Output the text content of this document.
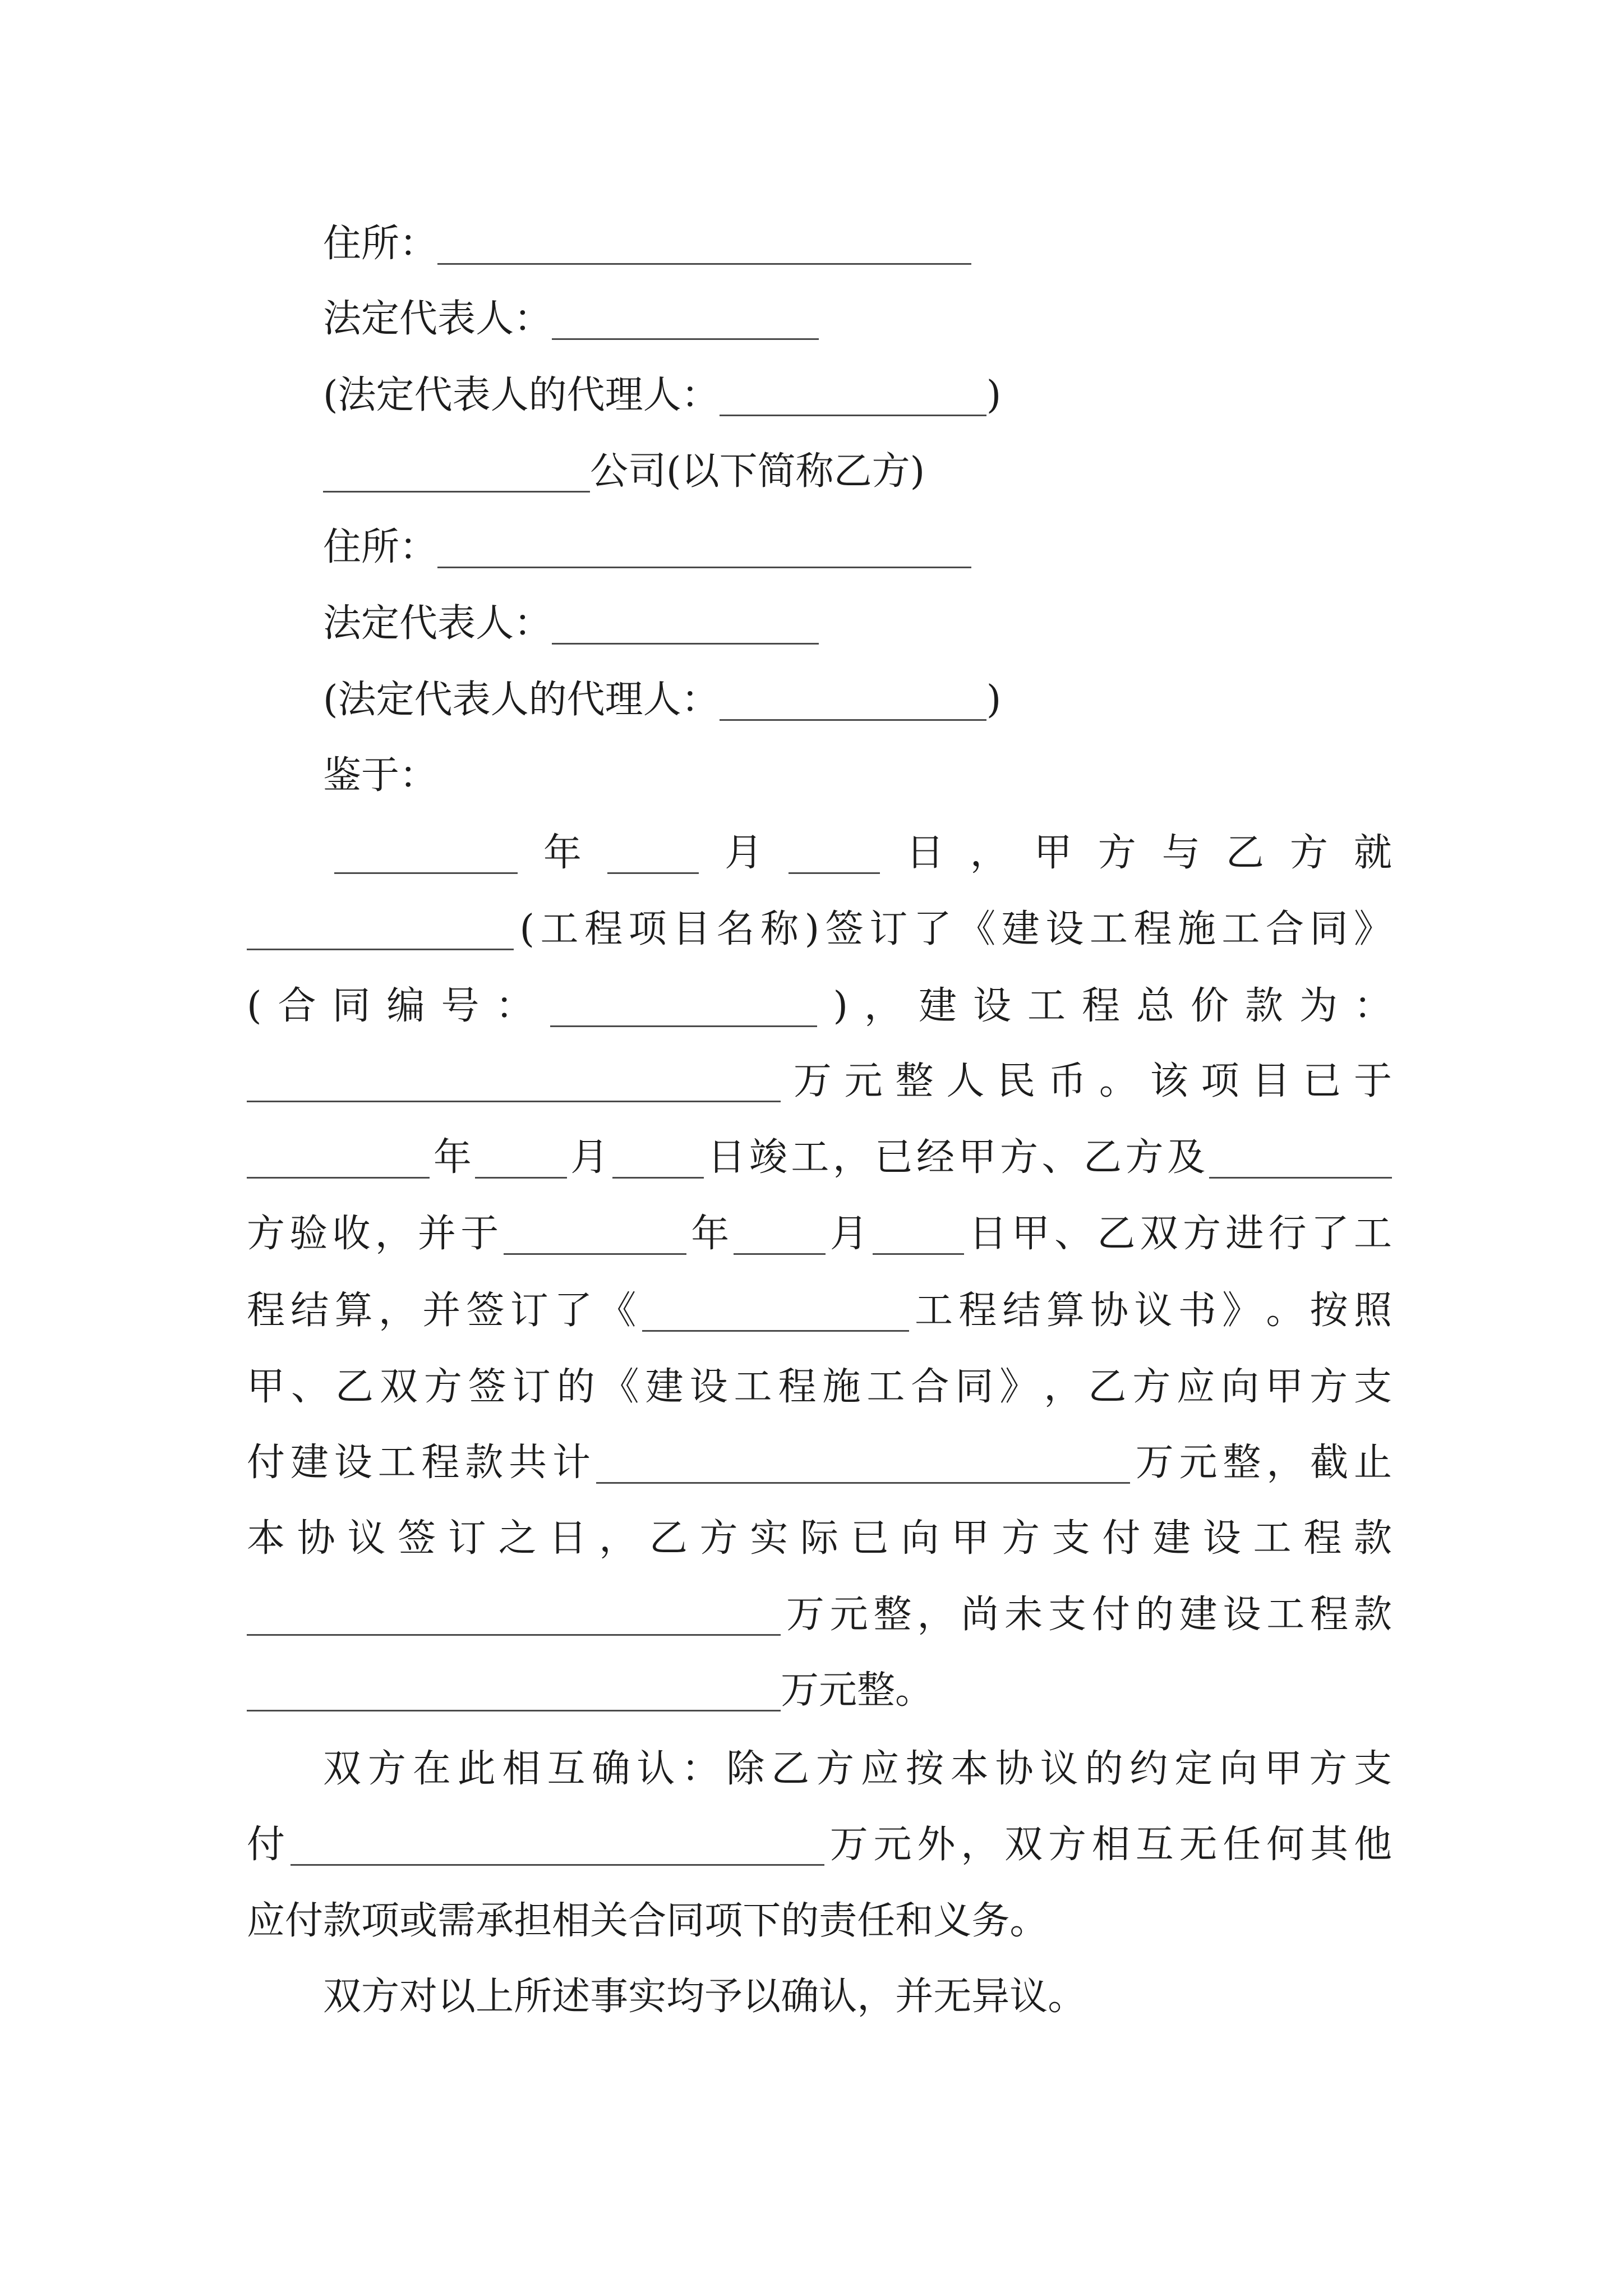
住 所 ：
法 定 代 表 人 ：
( 法 定 代 表 人 的 代 理 人 ：	)
公 司 ( 以 下 简 称 乙 方 )
住 所 ：
法 定 代 表 人 ：
( 法 定 代 表 人 的 代 理 人 ：	)
鉴 于 ：
年	月	日 ， 甲 方 与 乙 方 就
( 工 程 项 目 名 称 ) 签 订 了 《 建 设 工 程 施 工 合 同 》
( 合 同 编 号 ：	) ， 建 设 工 程 总 价 款 为 ：
万 元 整 人 民 币 。 该 项 目 已 于
年	月	日 竣 工 ， 已 经 甲 方 、 乙 方 及
方 验 收 ， 并 于	年	月	日 甲 、 乙 双 方 进 行 了 工
程 结 算 ， 并 签 订 了 《	工 程 结 算 协 议 书 》 。 按 照
甲 、 乙 双 方 签 订 的 《 建 设 工 程 施 工 合 同 》 ， 乙 方 应 向 甲 方 支
付 建 设 工 程 款 共 计	万 元 整 ， 截 止
本 协 议 签 订 之 日 ， 乙 方 实 际 已 向 甲 方 支 付 建 设 工 程 款
万 元 整 ， 尚 未 支 付 的 建 设 工 程 款
万 元 整 。
双 方 在 此 相 互 确 认 ： 除 乙 方 应 按 本 协 议 的 约 定 向 甲 方 支
付	万 元 外 ， 双 方 相 互 无 任 何 其 他
应 付 款 项 或 需 承 担 相 关 合 同 项 下 的 责 任 和 义 务 。
双 方 对 以 上 所 述 事 实 均 予 以 确 认 ， 并 无 异 议 。
